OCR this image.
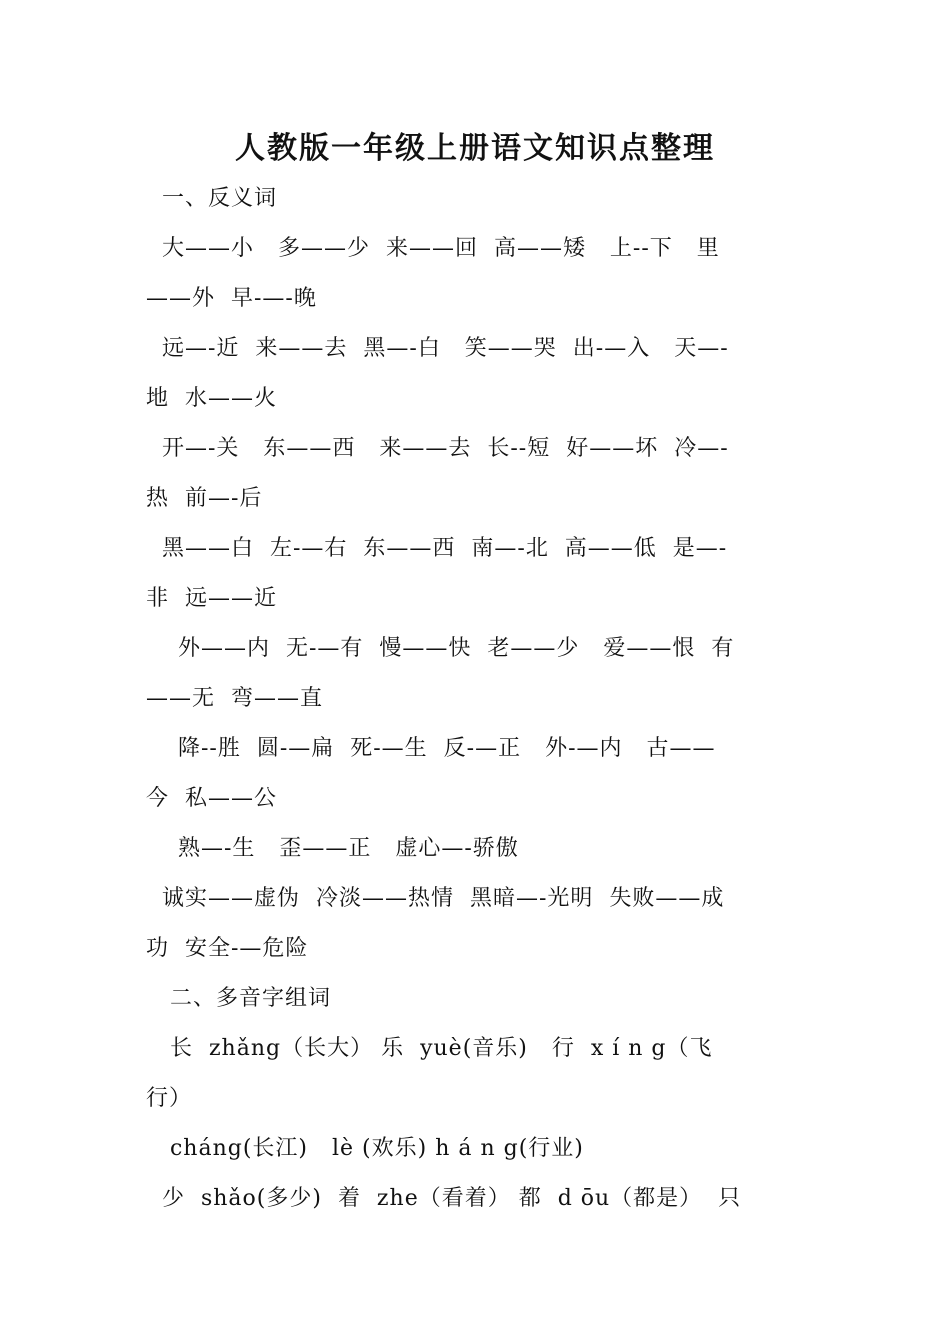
人教版一年级上册语文知识点整理
一、反义词
大——小   多——少  来——回  高——矮   上--下   里
——外  早-—-晚
远—-近  来——去  黑—-白   笑——哭  出-—入   天—-
地  水——火
开—-关   东——西   来——去  长--短  好——坏  冷—-
热  前—-后
黑——白  左-—右  东——西  南—-北  高——低  是—-
非  远——近
外——内  无-—有  慢——快  老——少   爱——恨  有
——无  弯——直
降--胜  圆-—扁  死-—生  反-—正   外-—内   古——
今  私——公
熟—-生   歪——正   虚心—-骄傲
诚实——虚伪  冷淡——热情  黑暗—-光明  失败——成
功  安全-—危险
二、多音字组词
长  zhǎng（长大） 乐  yuè(音乐)   行  x í n g（飞
行）
cháng(长江)   lè (欢乐) h á n g(行业)
少  shǎo(多少)  着  zhe（看着） 都  d ōu（都是）  只
